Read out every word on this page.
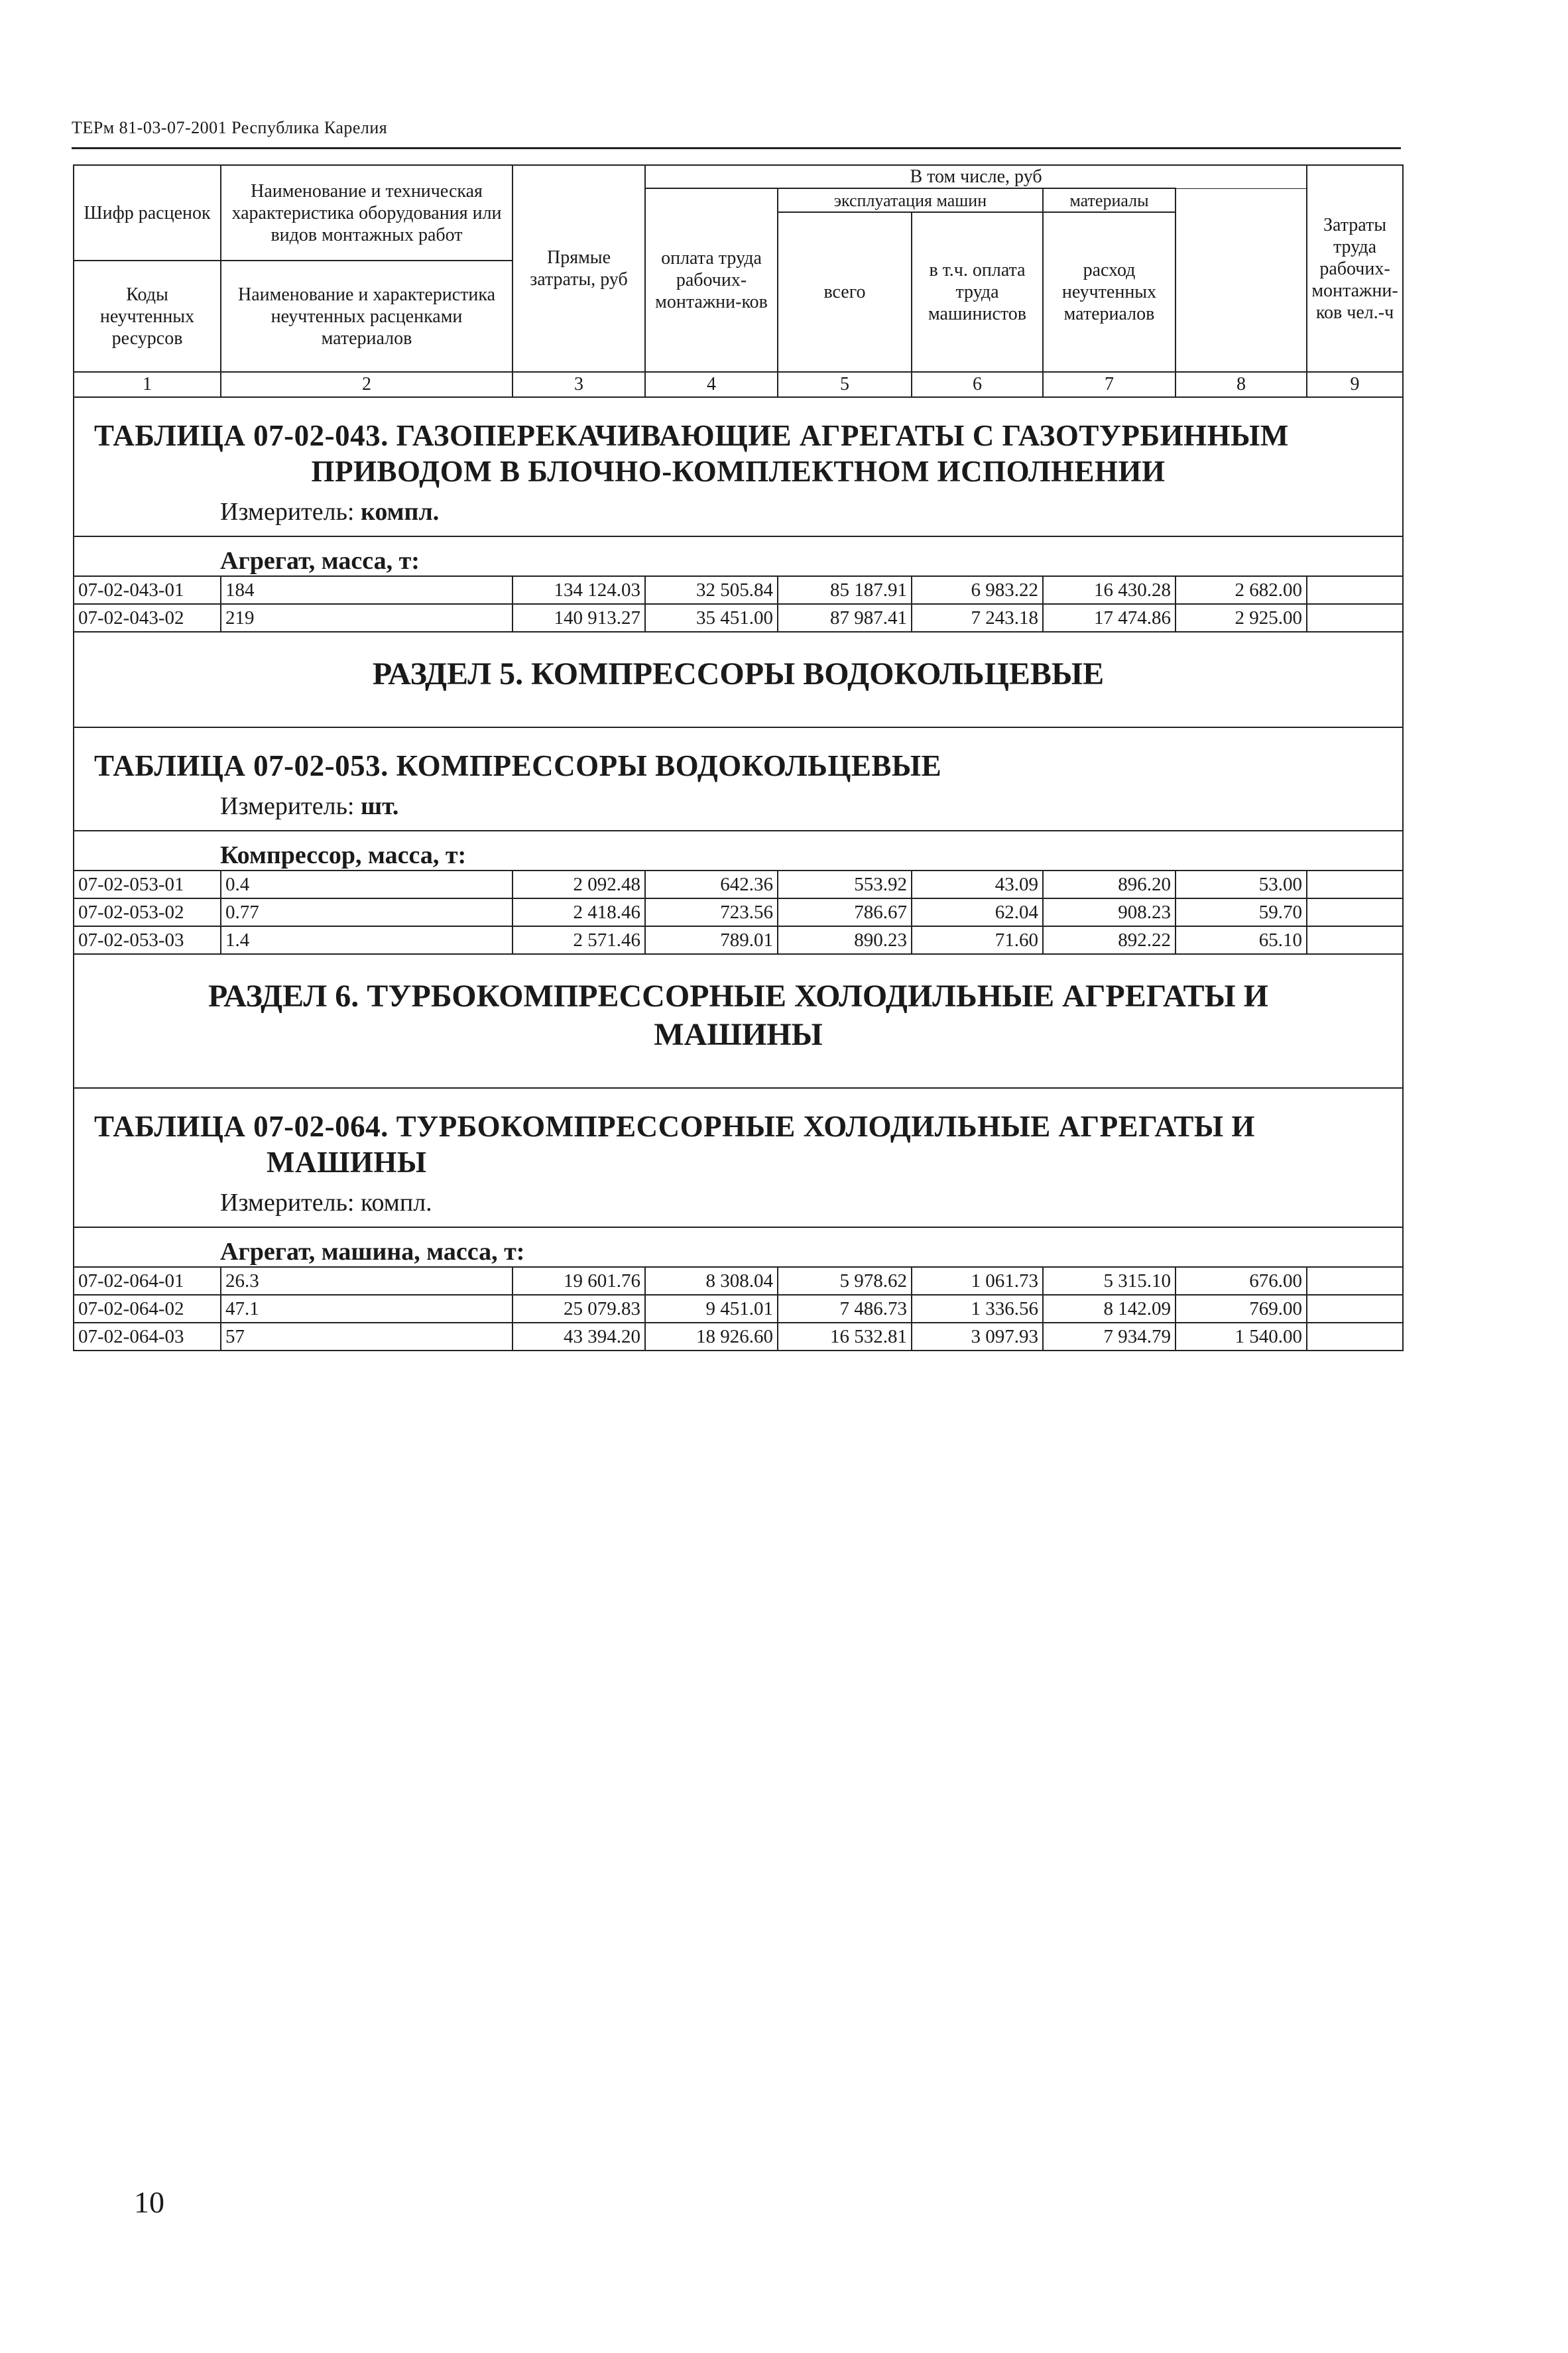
ТЕРм 81-03-07-2001 Республика Карелия
Шифр расценок	Наименование и техническая характеристика оборудования или видов монтажных работ	Прямые затраты, руб	В том числе, руб					Затраты труда рабочих-монтажни-ков чел.-ч	
			оплата труда рабочих-монтажни-ков	эксплуатация машин		материалы			
				всего	в т.ч. оплата труда машинистов	расход неучтенных материалов			
Коды неучтенных ресурсов	Наименование и характеристика неучтенных расценками материалов								

1	2	3	4	5	6	7	8	9	

ТАБЛИЦА 07-02-043. ГАЗОПЕРЕКАЧИВАЮЩИЕ АГРЕГАТЫ С ГАЗОТУРБИННЫМ
ПРИВОДОМ В БЛОЧНО-КОМПЛЕКТНОМ ИСПОЛНЕНИИ
Измеритель: компл.									

Агрегат, масса, т:									
07-02-043-01	184	134 124.03	32 505.84	85 187.91	6 983.22	16 430.28	2 682.00		
07-02-043-02	219	140 913.27	35 451.00	87 987.41	7 243.18	17 474.86	2 925.00		

РАЗДЕЛ 5. КОМПРЕССОРЫ ВОДОКОЛЬЦЕВЫЕ									

ТАБЛИЦА 07-02-053. КОМПРЕССОРЫ ВОДОКОЛЬЦЕВЫЕ
Измеритель: шт.									

Компрессор, масса, т:									
07-02-053-01	0.4	2 092.48	642.36	553.92	43.09	896.20	53.00		
07-02-053-02	0.77	2 418.46	723.56	786.67	62.04	908.23	59.70		
07-02-053-03	1.4	2 571.46	789.01	890.23	71.60	892.22	65.10		

РАЗДЕЛ 6. ТУРБОКОМПРЕССОРНЫЕ ХОЛОДИЛЬНЫЕ АГРЕГАТЫ И
МАШИНЫ									

ТАБЛИЦА 07-02-064. ТУРБОКОМПРЕССОРНЫЕ ХОЛОДИЛЬНЫЕ АГРЕГАТЫ И
МАШИНЫ
Измеритель: компл.									

Агрегат, машина, масса, т:									
07-02-064-01	26.3	19 601.76	8 308.04	5 978.62	1 061.73	5 315.10	676.00		
07-02-064-02	47.1	25 079.83	9 451.01	7 486.73	1 336.56	8 142.09	769.00		
07-02-064-03	57	43 394.20	18 926.60	16 532.81	3 097.93	7 934.79	1 540.00		
10
